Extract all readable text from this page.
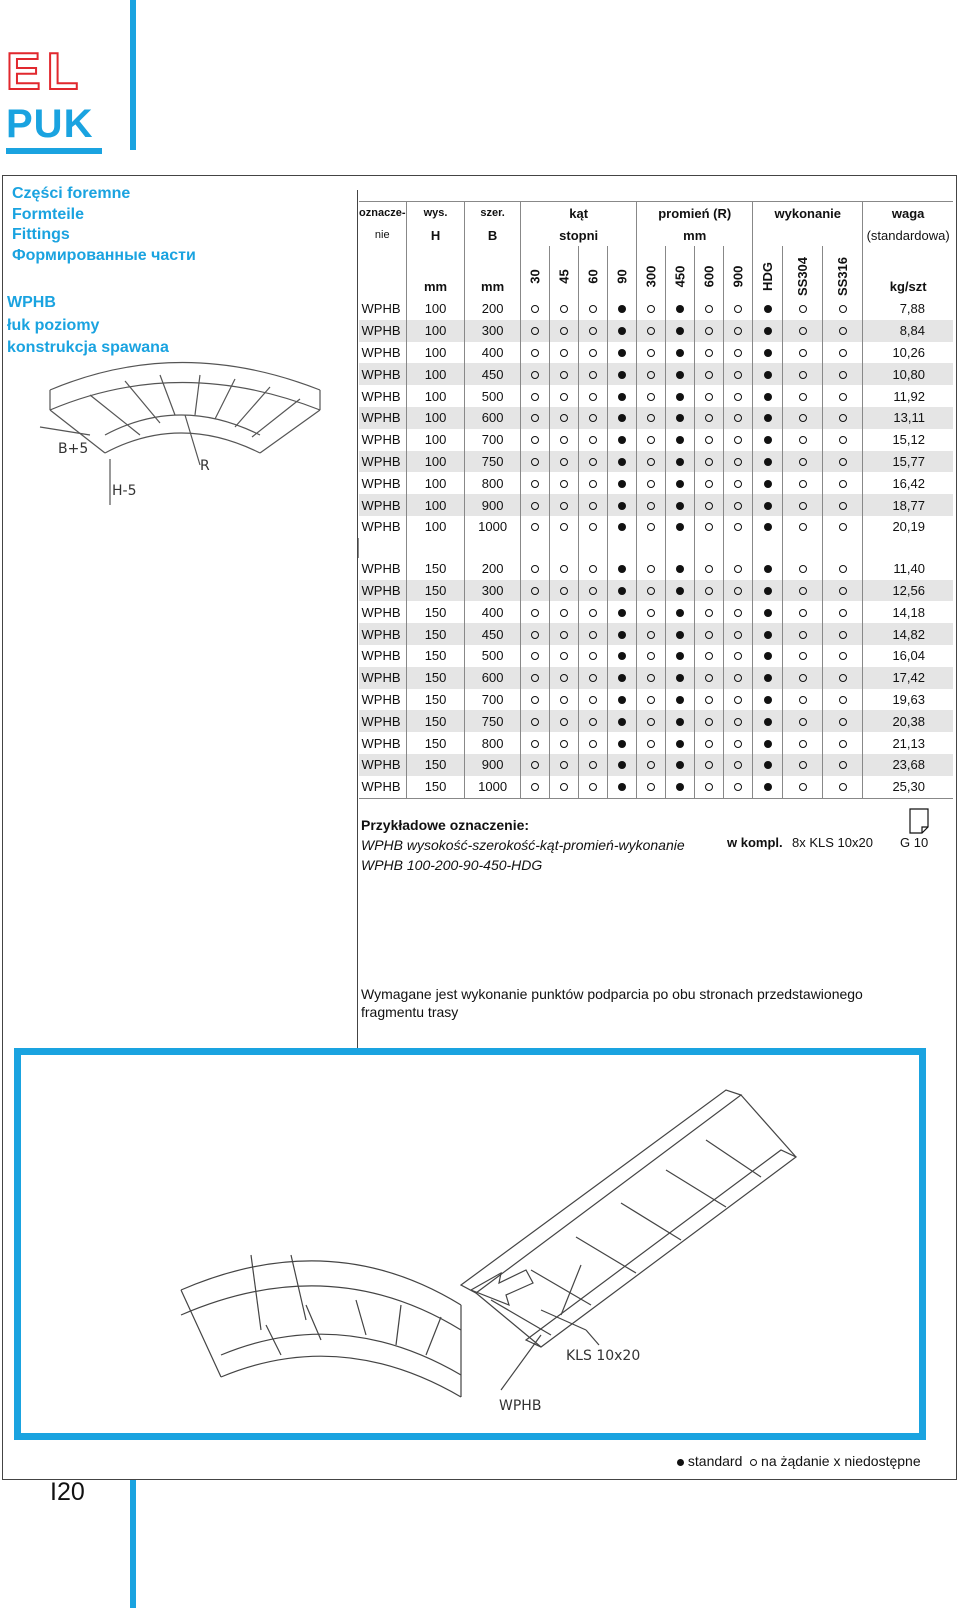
EL
PUK
Części foremne
Formteile
Fittings
Формированные части
WPHB
łuk poziomy
konstrukcja spawana
B+5
H-5
R
oznacze-	wys.	szer.	kąt				promień (R)				wykonanie			waga
nie	H	B	stopni				mm							(standardowa)
	mm	mm	30	45	60	90	300	450	600	900	HDG	SS304	SS316	kg/szt
WPHB	100	200												7,88
WPHB	100	300												8,84
WPHB	100	400												10,26
WPHB	100	450												10,80
WPHB	100	500												11,92
WPHB	100	600												13,11
WPHB	100	700												15,12
WPHB	100	750												15,77
WPHB	100	800												16,42
WPHB	100	900												18,77
WPHB	100	1000												20,19

WPHB	150	200												11,40
WPHB	150	300												12,56
WPHB	150	400												14,18
WPHB	150	450												14,82
WPHB	150	500												16,04
WPHB	150	600												17,42
WPHB	150	700												19,63
WPHB	150	750												20,38
WPHB	150	800												21,13
WPHB	150	900												23,68
WPHB	150	1000												25,30
Przykładowe oznaczenie:
WPHB wysokość-szerokość-kąt-promień-wykonanie
WPHB 100-200-90-450-HDG
w kompl. 8x KLS 10x20 G 10
Wymagane jest wykonanie punktów podparcia po obu stronach przedstawionego fragmentu trasy
KLS 10x20
WPHB
standard na żądanie x niedostępne
I20
